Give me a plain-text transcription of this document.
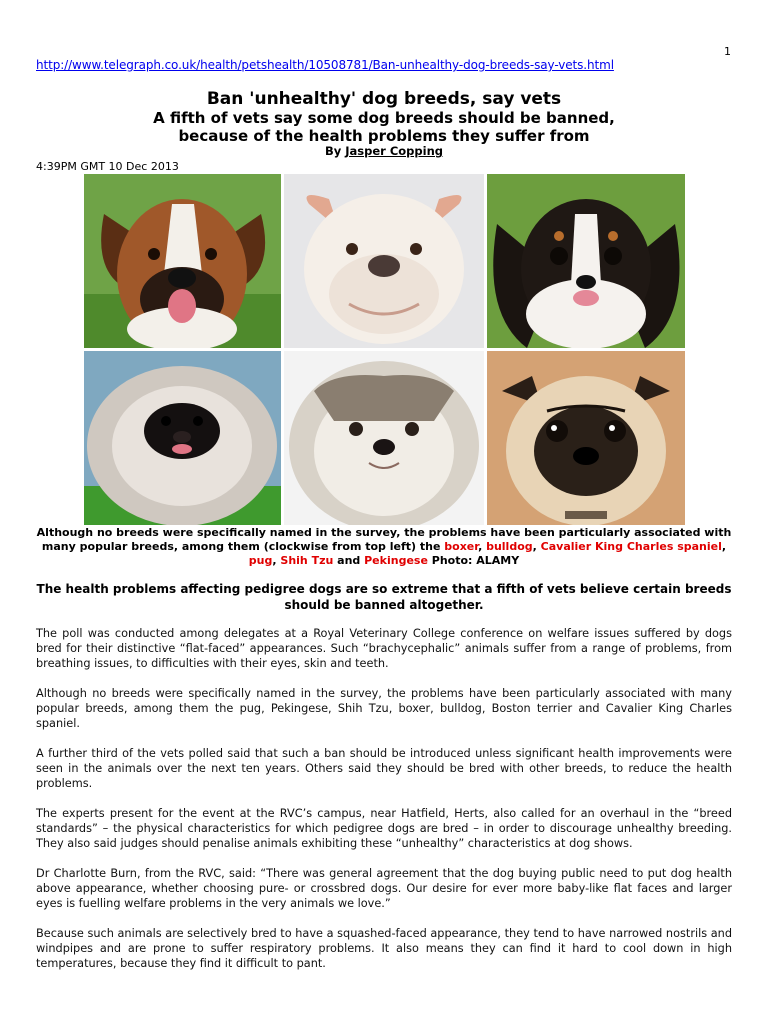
1
http://www.telegraph.co.uk/health/petshealth/10508781/Ban-unhealthy-dog-breeds-say-vets.html
Ban 'unhealthy' dog breeds, say vets
A fifth of vets say some dog breeds should be banned,
because of the health problems they suffer from
By Jasper Copping
4:39PM GMT 10 Dec 2013
Although no breeds were specifically named in the survey, the problems have been particularly associated with many popular breeds, among them (clockwise from top left) the boxer, bulldog, Cavalier King Charles spaniel, pug, Shih Tzu and Pekingese Photo: ALAMY
The health problems affecting pedigree dogs are so extreme that a fifth of vets believe certain breeds should be banned altogether.

The poll was conducted among delegates at a Royal Veterinary College conference on welfare issues suffered by dogs bred for their distinctive “flat-faced” appearances. Such “brachycephalic” animals suffer from a range of problems, from breathing issues, to difficulties with their eyes, skin and teeth.

Although no breeds were specifically named in the survey, the problems have been particularly associated with many popular breeds, among them the pug, Pekingese, Shih Tzu, boxer, bulldog, Boston terrier and Cavalier King Charles spaniel.

A further third of the vets polled said that such a ban should be introduced unless significant health improvements were seen in the animals over the next ten years. Others said they should be bred with other breeds, to reduce the health problems.

The experts present for the event at the RVC’s campus, near Hatfield, Herts, also called for an overhaul in the “breed standards” – the physical characteristics for which pedigree dogs are bred – in order to discourage unhealthy breeding. They also said judges should penalise animals exhibiting these “unhealthy” characteristics at dog shows.

Dr Charlotte Burn, from the RVC, said: “There was general agreement that the dog buying public need to put dog health above appearance, whether choosing pure- or crossbred dogs. Our desire for ever more baby-like flat faces and larger eyes is fuelling welfare problems in the very animals we love.”

Because such animals are selectively bred to have a squashed-faced appearance, they tend to have narrowed nostrils and windpipes and are prone to suffer respiratory problems. It also means they can find it hard to cool down in high temperatures, because they find it difficult to pant.
